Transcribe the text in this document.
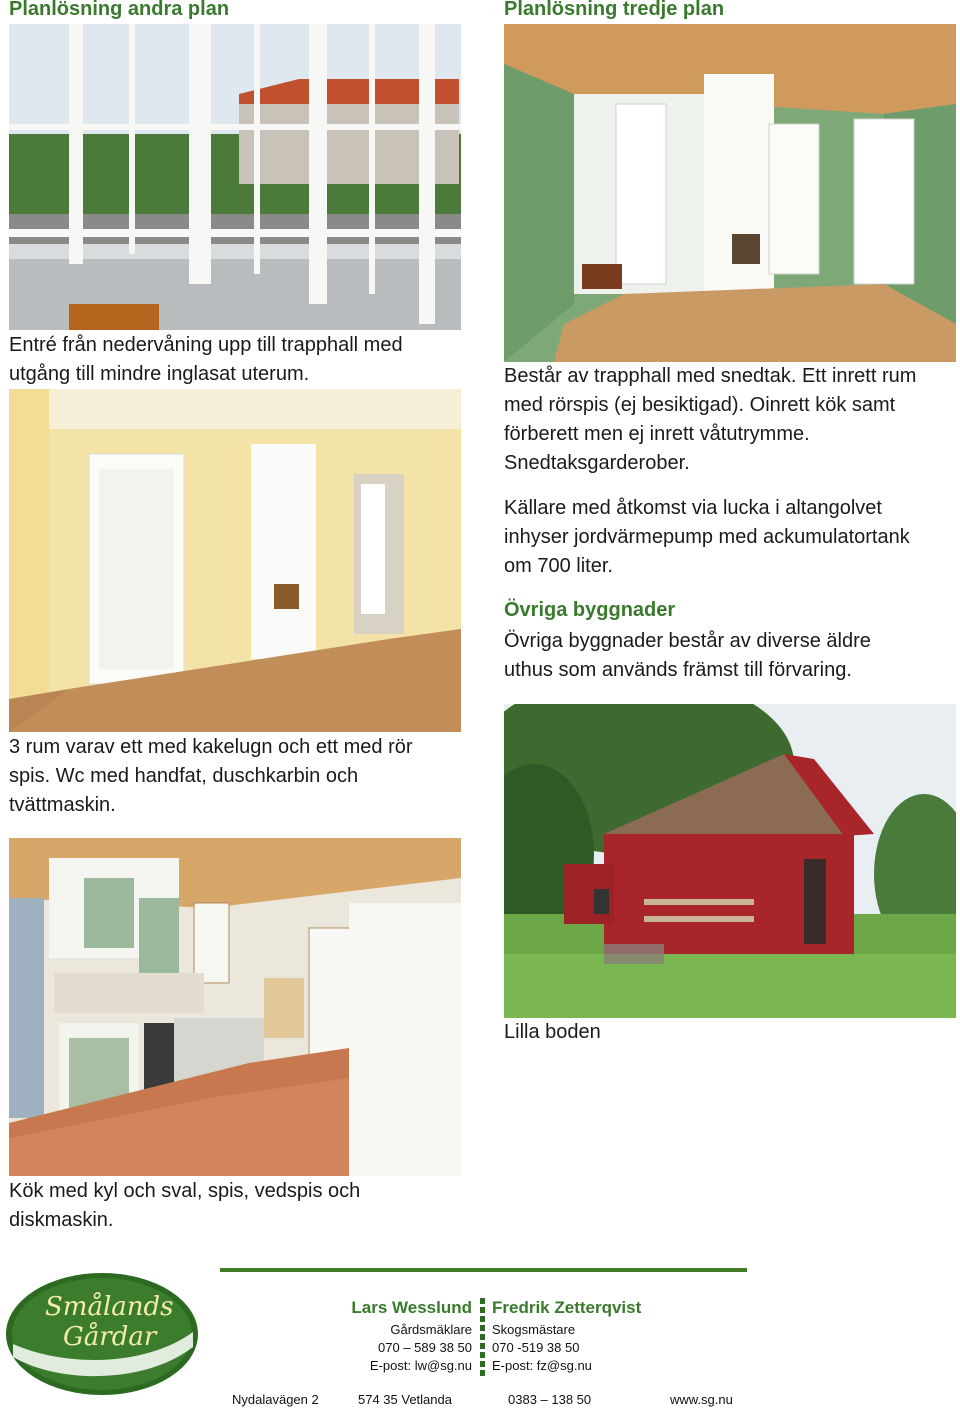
Planlösning andra plan
Entré från nedervåning upp till trapphall med
utgång till mindre inglasat uterum.
3 rum varav ett med kakelugn och ett med rör
spis. Wc med handfat, duschkarbin och
tvättmaskin.
Kök med kyl och sval, spis, vedspis och
diskmaskin.
Planlösning tredje plan
Består av trapphall med snedtak. Ett inrett rum
med rörspis (ej besiktigad). Oinrett kök samt
förberett men ej inrett våtutrymme.
Snedtaksgarderober.
Källare med åtkomst via lucka i altangolvet
inhyser jordvärmepump med ackumulatortank
om 700 liter.
Övriga byggnader
Övriga byggnader består av diverse äldre
uthus som används främst till förvaring.
Lilla boden
Smålands
Gårdar
Lars Wesslund
Gårdsmäklare
070 – 589 38 50
E-post: lw@sg.nu
Fredrik Zetterqvist
Skogsmästare
070 -519 38 50
E-post: fz@sg.nu
Nydalavägen 2	574 35 Vetlanda	0383 – 138 50	www.sg.nu
